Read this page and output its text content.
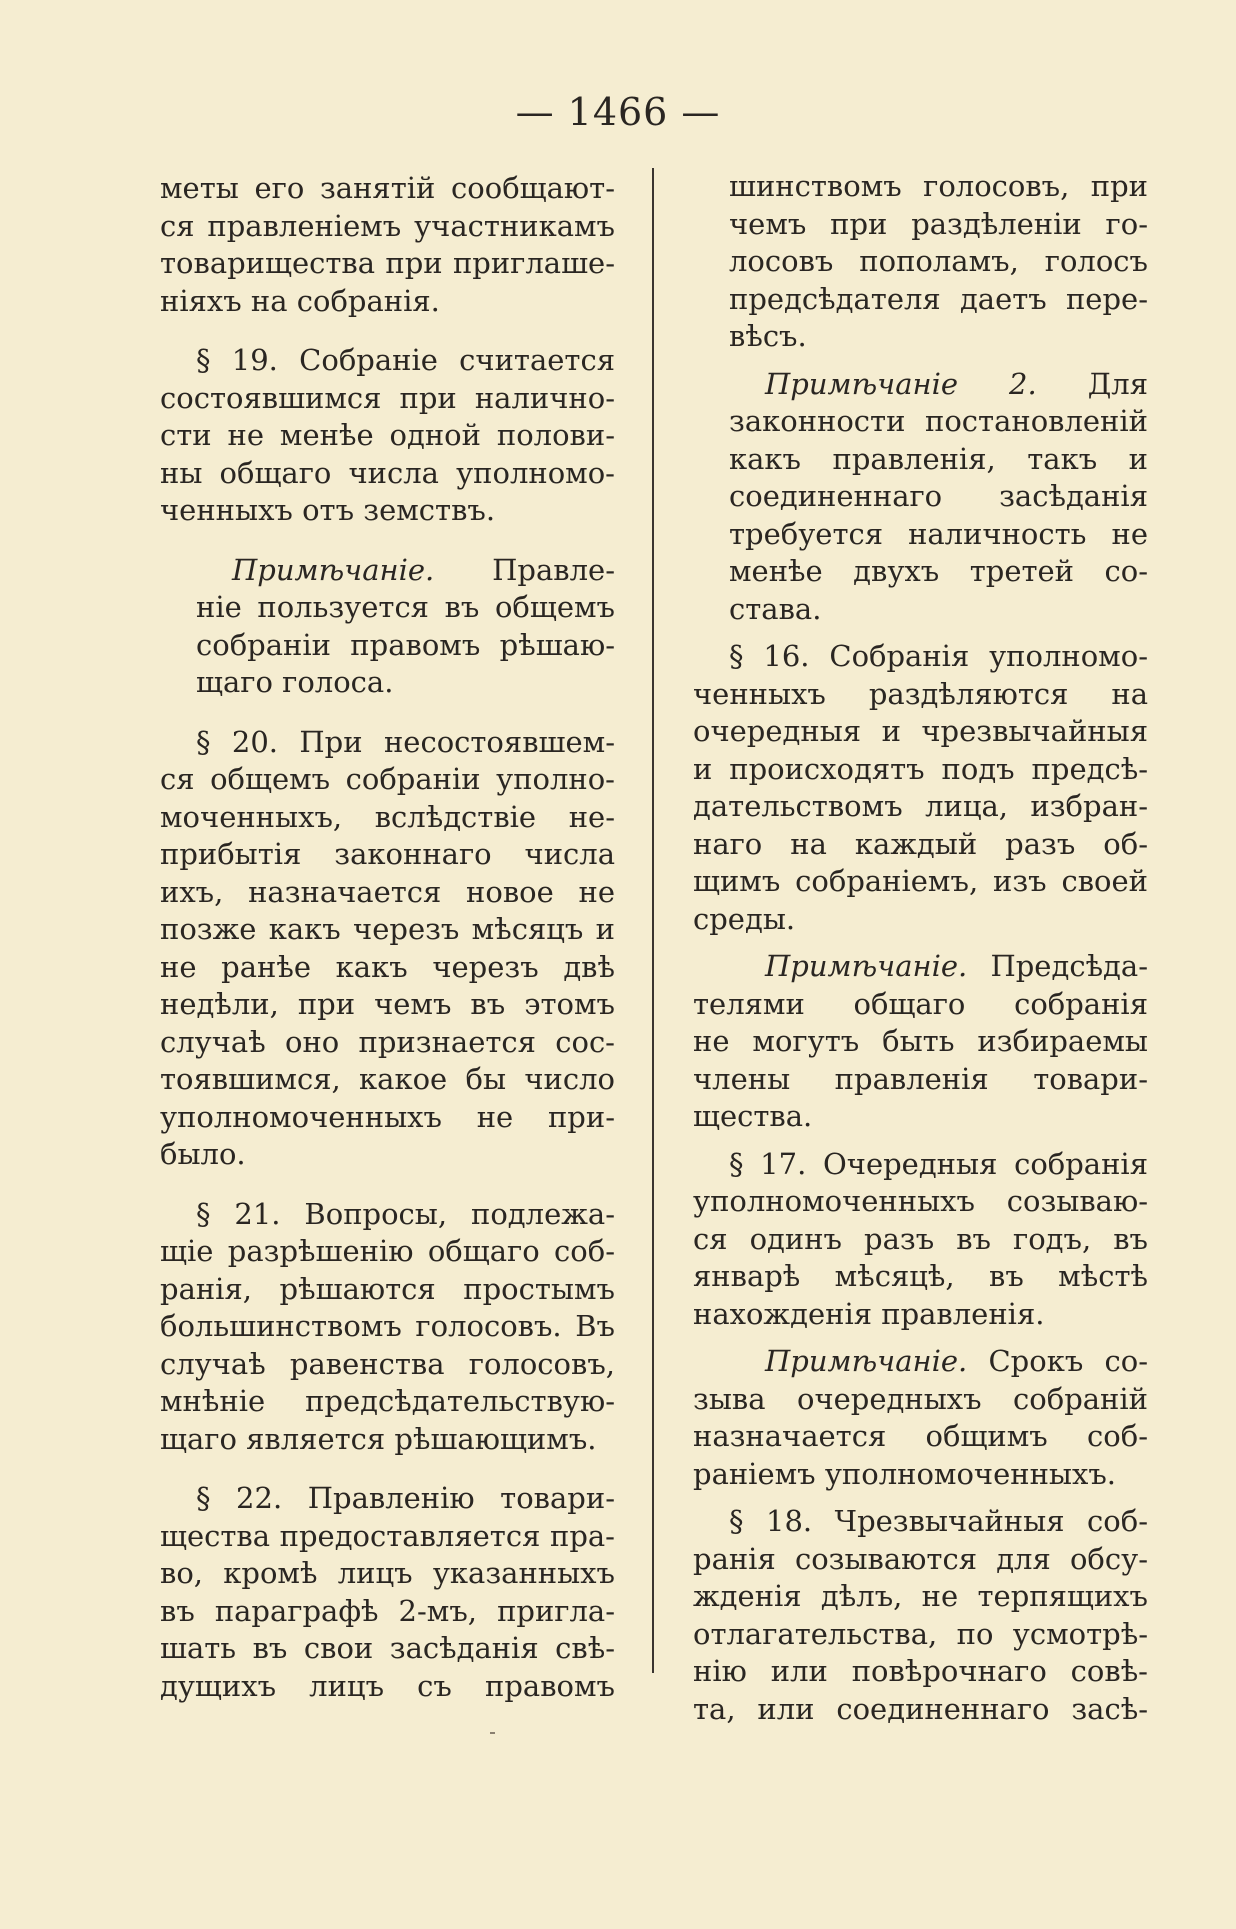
— 1466 —
меты его занятій сообщают-
ся правленіемъ участникамъ
товарищества при приглаше-
ніяхъ на собранія.
§ 19. Собраніе считается
состоявшимся при налично-
сти не менѣе одной полови-
ны общаго числа уполномо-
ченныхъ отъ земствъ.
Примѣчаніе. Правле-
ніе пользуется въ общемъ
собраніи правомъ рѣшаю-
щаго голоса.
§ 20. При несостоявшем-
ся общемъ собраніи уполно-
моченныхъ, вслѣдствіе не-
прибытія законнаго числа
ихъ, назначается новое не
позже какъ черезъ мѣсяцъ и
не ранѣе какъ черезъ двѣ
недѣли, при чемъ въ этомъ
случаѣ оно признается сос-
тоявшимся, какое бы число
уполномоченныхъ не при-
было.
§ 21. Вопросы, подлежа-
щіе разрѣшенію общаго соб-
ранія, рѣшаются простымъ
большинствомъ голосовъ. Въ
случаѣ равенства голосовъ,
мнѣніе предсѣдательствую-
щаго является рѣшающимъ.
§ 22. Правленію товари-
щества предоставляется пра-
во, кромѣ лицъ указанныхъ
въ параграфѣ 2-мъ, пригла-
шать въ свои засѣданія свѣ-
дущихъ лицъ съ правомъ
шинствомъ голосовъ, при
чемъ при раздѣленіи го-
лосовъ пополамъ, голосъ
предсѣдателя даетъ пере-
вѣсъ.
Примѣчаніе 2. Для
законности постановленій
какъ правленія, такъ и
соединеннаго засѣданія
требуется наличность не
менѣе двухъ третей со-
става.
§ 16. Собранія уполномо-
ченныхъ раздѣляются на
очередныя и чрезвычайныя
и происходятъ подъ предсѣ-
дательствомъ лица, избран-
наго на каждый разъ об-
щимъ собраніемъ, изъ своей
среды.
Примѣчаніе. Предсѣда-
телями общаго собранія
не могутъ быть избираемы
члены правленія товари-
щества.
§ 17. Очередныя собранія
уполномоченныхъ созываю-
ся одинъ разъ въ годъ, въ
январѣ мѣсяцѣ, въ мѣстѣ
нахожденія правленія.
Примѣчаніе. Срокъ со-
зыва очередныхъ собраній
назначается общимъ соб-
раніемъ уполномоченныхъ.
§ 18. Чрезвычайныя соб-
ранія созываются для обсу-
жденія дѣлъ, не терпящихъ
отлагательства, по усмотрѣ-
нію или повѣрочнаго совѣ-
та, или соединеннаго засѣ-
